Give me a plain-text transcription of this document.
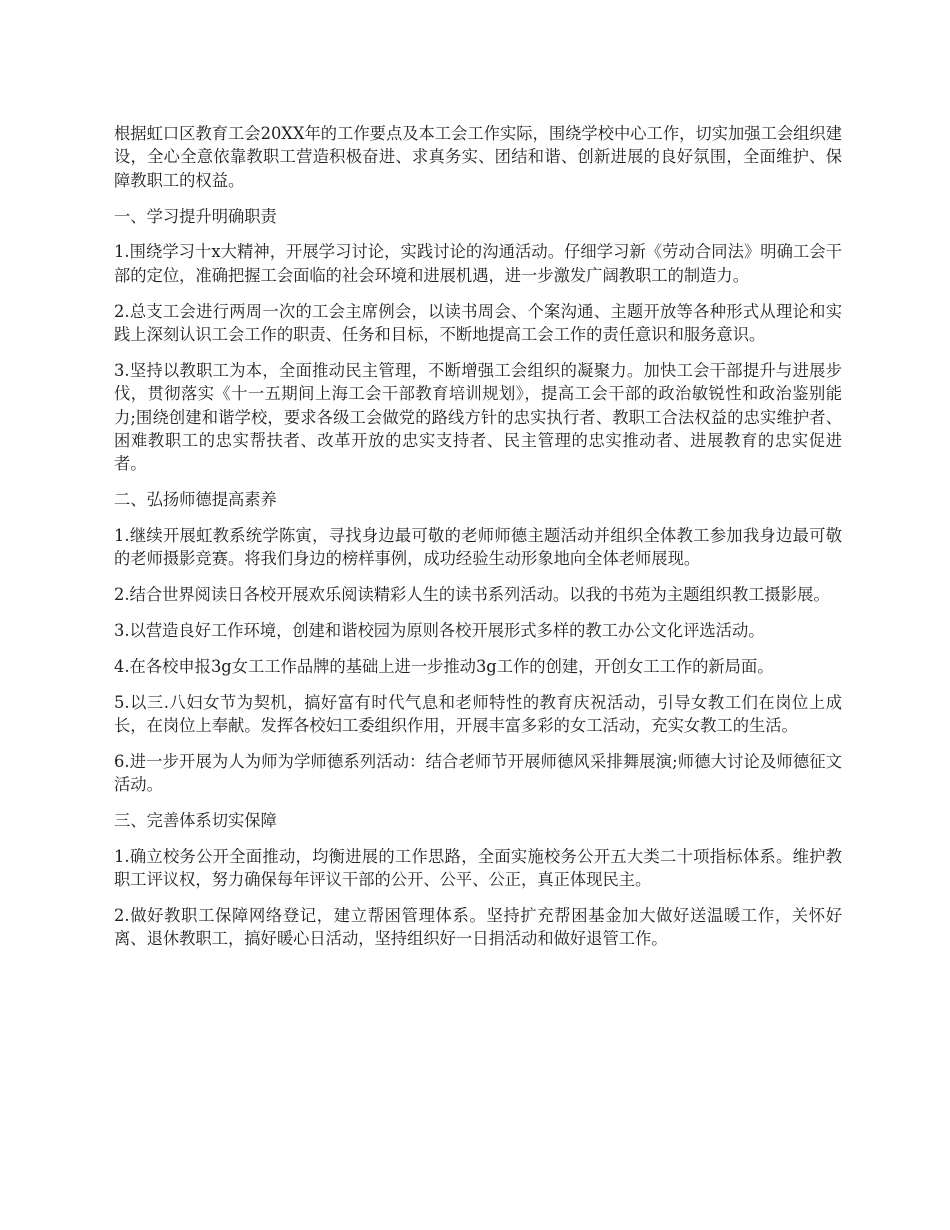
根据虹口区教育工会20XX年的工作要点及本工会工作实际，围绕学校中心工作，切实加强工会组织建设，全心全意依靠教职工营造积极奋进、求真务实、团结和谐、创新进展的良好氛围，全面维护、保障教职工的权益。

一、学习提升明确职责

1.围绕学习十x大精神，开展学习讨论，实践讨论的沟通活动。仔细学习新《劳动合同法》明确工会干部的定位，准确把握工会面临的社会环境和进展机遇，进一步激发广阔教职工的制造力。

2.总支工会进行两周一次的工会主席例会，以读书周会、个案沟通、主题开放等各种形式从理论和实践上深刻认识工会工作的职责、任务和目标，不断地提高工会工作的责任意识和服务意识。

3.坚持以教职工为本，全面推动民主管理，不断增强工会组织的凝聚力。加快工会干部提升与进展步伐，贯彻落实《十一五期间上海工会干部教育培训规划》，提高工会干部的政治敏锐性和政治鉴别能力;围绕创建和谐学校，要求各级工会做党的路线方针的忠实执行者、教职工合法权益的忠实维护者、困难教职工的忠实帮扶者、改革开放的忠实支持者、民主管理的忠实推动者、进展教育的忠实促进者。

二、弘扬师德提高素养

1.继续开展虹教系统学陈寅，寻找身边最可敬的老师师德主题活动并组织全体教工参加我身边最可敬的老师摄影竞赛。将我们身边的榜样事例，成功经验生动形象地向全体老师展现。

2.结合世界阅读日各校开展欢乐阅读精彩人生的读书系列活动。以我的书苑为主题组织教工摄影展。

3.以营造良好工作环境，创建和谐校园为原则各校开展形式多样的教工办公文化评选活动。

4.在各校申报3g女工工作品牌的基础上进一步推动3g工作的创建，开创女工工作的新局面。

5.以三.八妇女节为契机，搞好富有时代气息和老师特性的教育庆祝活动，引导女教工们在岗位上成长，在岗位上奉献。发挥各校妇工委组织作用，开展丰富多彩的女工活动，充实女教工的生活。

6.进一步开展为人为师为学师德系列活动：结合老师节开展师德风采排舞展演;师德大讨论及师德征文活动。

三、完善体系切实保障

1.确立校务公开全面推动，均衡进展的工作思路，全面实施校务公开五大类二十项指标体系。维护教职工评议权，努力确保每年评议干部的公开、公平、公正，真正体现民主。

2.做好教职工保障网络登记，建立帮困管理体系。坚持扩充帮困基金加大做好送温暖工作，关怀好离、退休教职工，搞好暖心日活动，坚持组织好一日捐活动和做好退管工作。
